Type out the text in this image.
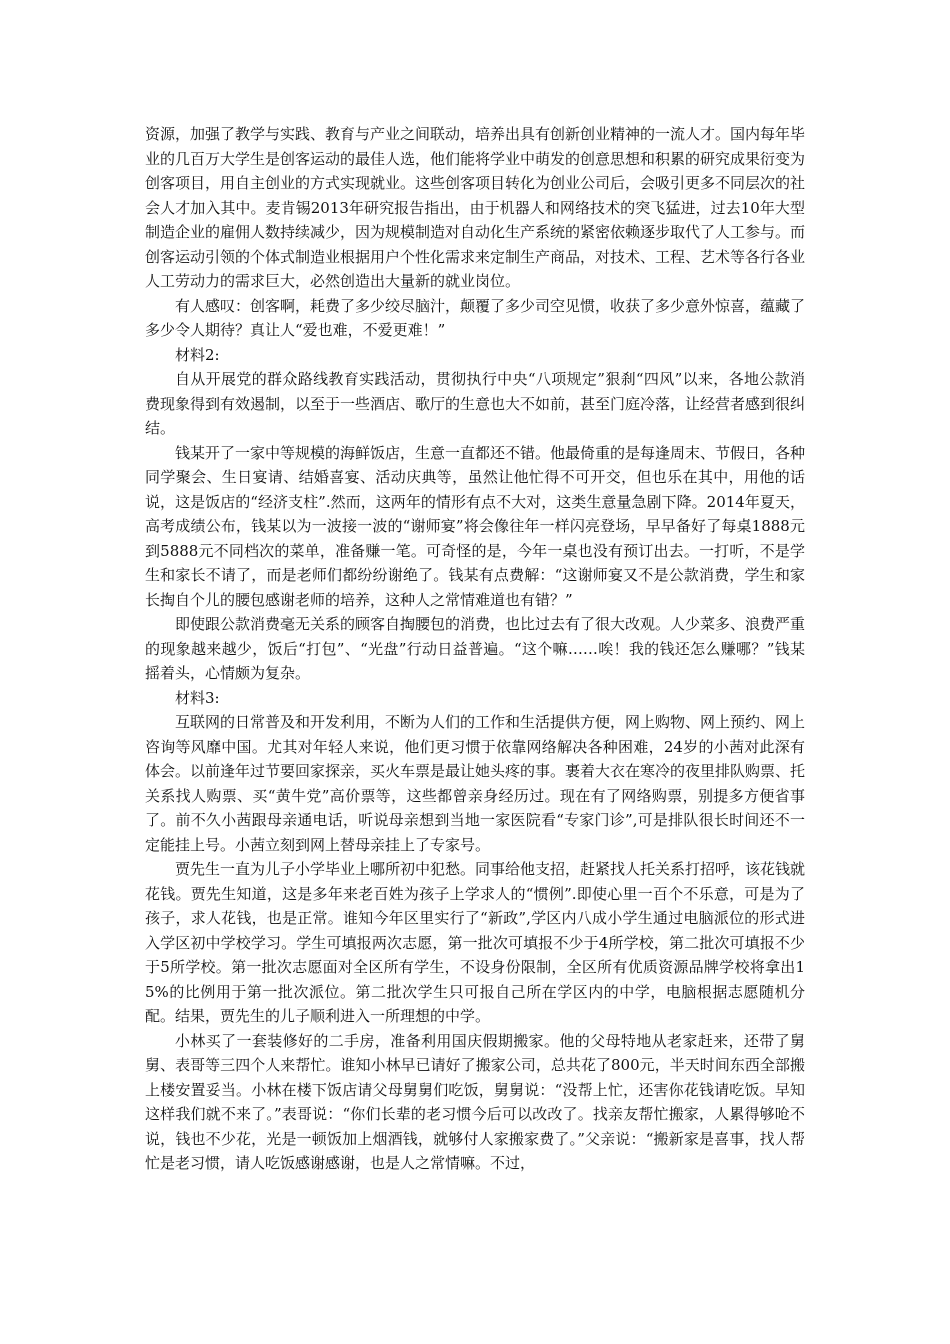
资源，加强了教学与实践、教育与产业之间联动，培养出具有创新创业精神的一流人才。国内每年毕业的几百万大学生是创客运动的最佳人选，他们能将学业中萌发的创意思想和积累的研究成果衍变为创客项目，用自主创业的方式实现就业。这些创客项目转化为创业公司后，会吸引更多不同层次的社会人才加入其中。麦肯锡2013年研究报告指出，由于机器人和网络技术的突飞猛进，过去10年大型制造企业的雇佣人数持续减少，因为规模制造对自动化生产系统的紧密依赖逐步取代了人工参与。而创客运动引领的个体式制造业根据用户个性化需求来定制生产商品，对技术、工程、艺术等各行各业人工劳动力的需求巨大，必然创造出大量新的就业岗位。

有人感叹：创客啊，耗费了多少绞尽脑汁，颠覆了多少司空见惯，收获了多少意外惊喜，蕴藏了多少令人期待？真让人“爱也难，不爱更难！”

材料2:

自从开展党的群众路线教育实践活动，贯彻执行中央“八项规定”狠刹“四风”以来，各地公款消费现象得到有效遏制，以至于一些酒店、歌厅的生意也大不如前，甚至门庭冷落，让经营者感到很纠结。

钱某开了一家中等规模的海鲜饭店，生意一直都还不错。他最倚重的是每逢周末、节假日，各种同学聚会、生日宴请、结婚喜宴、活动庆典等，虽然让他忙得不可开交，但也乐在其中，用他的话说，这是饭店的“经济支柱”.然而，这两年的情形有点不大对，这类生意量急剧下降。2014年夏天，高考成绩公布，钱某以为一波接一波的“谢师宴”将会像往年一样闪亮登场，早早备好了每桌1888元到5888元不同档次的菜单，准备赚一笔。可奇怪的是，今年一桌也没有预订出去。一打听，不是学生和家长不请了，而是老师们都纷纷谢绝了。钱某有点费解：“这谢师宴又不是公款消费，学生和家长掏自个儿的腰包感谢老师的培养，这种人之常情难道也有错？”

即使跟公款消费毫无关系的顾客自掏腰包的消费，也比过去有了很大改观。人少菜多、浪费严重的现象越来越少，饭后“打包”、“光盘”行动日益普遍。“这个嘛……唉！我的钱还怎么赚哪？”钱某摇着头，心情颇为复杂。

材料3:

互联网的日常普及和开发利用，不断为人们的工作和生活提供方便，网上购物、网上预约、网上咨询等风靡中国。尤其对年轻人来说，他们更习惯于依靠网络解决各种困难，24岁的小茜对此深有体会。以前逢年过节要回家探亲，买火车票是最让她头疼的事。裹着大衣在寒冷的夜里排队购票、托关系找人购票、买“黄牛党”高价票等，这些都曾亲身经历过。现在有了网络购票，别提多方便省事了。前不久小茜跟母亲通电话，听说母亲想到当地一家医院看“专家门诊”,可是排队很长时间还不一定能挂上号。小茜立刻到网上替母亲挂上了专家号。

贾先生一直为儿子小学毕业上哪所初中犯愁。同事给他支招，赶紧找人托关系打招呼，该花钱就花钱。贾先生知道，这是多年来老百姓为孩子上学求人的“惯例”.即使心里一百个不乐意，可是为了孩子，求人花钱，也是正常。谁知今年区里实行了“新政”,学区内八成小学生通过电脑派位的形式进入学区初中学校学习。学生可填报两次志愿，第一批次可填报不少于4所学校，第二批次可填报不少于5所学校。第一批次志愿面对全区所有学生，不设身份限制，全区所有优质资源品牌学校将拿出15%的比例用于第一批次派位。第二批次学生只可报自己所在学区内的中学，电脑根据志愿随机分配。结果，贾先生的儿子顺利进入一所理想的中学。

小林买了一套装修好的二手房，准备利用国庆假期搬家。他的父母特地从老家赶来，还带了舅舅、表哥等三四个人来帮忙。谁知小林早已请好了搬家公司，总共花了800元，半天时间东西全部搬上楼安置妥当。小林在楼下饭店请父母舅舅们吃饭，舅舅说：“没帮上忙，还害你花钱请吃饭。早知这样我们就不来了。”表哥说：“你们长辈的老习惯今后可以改改了。找亲友帮忙搬家，人累得够呛不说，钱也不少花，光是一顿饭加上烟酒钱，就够付人家搬家费了。”父亲说：“搬新家是喜事，找人帮忙是老习惯，请人吃饭感谢感谢，也是人之常情嘛。不过，
